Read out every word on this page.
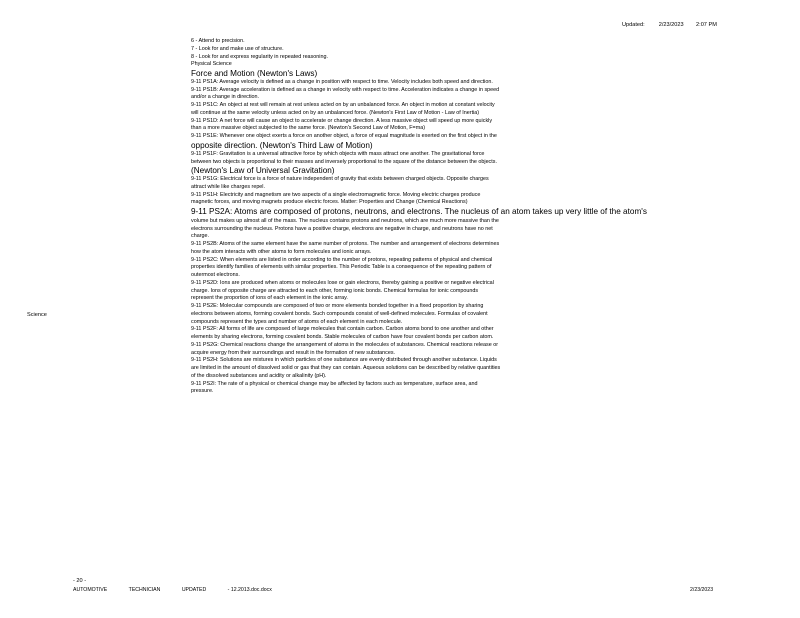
Updated:	2/23/2023 2:07 PM
Science
6 - Attend to precision.
7 - Look for and make use of structure.
8 - Look for and express regularity in repeated reasoning.
Physical Science
Force and Motion (Newton's Laws)
9-11 PS1A: Average velocity is defined as a change in position with respect to time. Velocity includes both speed and direction.
9-11 PS1B: Average acceleration is defined as a change in velocity with respect to time. Acceleration indicates a change in speed
and/or a change in direction.
9-11 PS1C: An object at rest will remain at rest unless acted on by an unbalanced force. An object in motion at constant velocity
will continue at the same velocity unless acted on by an unbalanced force. (Newton's First Law of Motion - Law of Inertia)
9-11 PS1D: A net force will cause an object to accelerate or change direction. A less massive object will speed up more quickly
than a more massive object subjected to the same force. (Newton's Second Law of Motion, F=ma)
9-11 PS1E: Whenever one object exerts a force on another object, a force of equal magnitude is exerted on the first object in the
opposite direction. (Newton's Third Law of Motion)
9-11 PS1F: Gravitation is a universal attractive force by which objects with mass attract one another. The gravitational force
between two objects is proportional to their masses and inversely proportional to the square of the distance between the objects.
(Newton's Law of Universal Gravitation)
9-11 PS1G: Electrical force is a force of nature independent of gravity that exists between charged objects. Opposite charges
attract while like charges repel.
9-11 PS1H: Electricity and magnetism are two aspects of a single electromagnetic force. Moving electric charges produce
magnetic forces, and moving magnets produce electric forces. Matter: Properties and Change (Chemical Reactions)
9-11 PS2A: Atoms are composed of protons, neutrons, and electrons. The nucleus of an atom takes up very little of the atom's
volume but makes up almost all of the mass. The nucleus contains protons and neutrons, which are much more massive than the
electrons surrounding the nucleus. Protons have a positive charge, electrons are negative in charge, and neutrons have no net
charge.
9-11 PS2B: Atoms of the same element have the same number of protons. The number and arrangement of electrons determines
how the atom interacts with other atoms to form molecules and ionic arrays.
9-11 PS2C: When elements are listed in order according to the number of protons, repeating patterns of physical and chemical
properties identify families of elements with similar properties. This Periodic Table is a consequence of the repeating pattern of
outermost electrons.
9-11 PS2D: Ions are produced when atoms or molecules lose or gain electrons, thereby gaining a positive or negative electrical
charge. Ions of opposite charge are attracted to each other, forming ionic bonds. Chemical formulas for ionic compounds
represent the proportion of ions of each element in the ionic array.
9-11 PS2E: Molecular compounds are composed of two or more elements bonded together in a fixed proportion by sharing
electrons between atoms, forming covalent bonds. Such compounds consist of well-defined molecules. Formulas of covalent
compounds represent the types and number of atoms of each element in each molecule.
9-11 PS2F: All forms of life are composed of large molecules that contain carbon. Carbon atoms bond to one another and other
elements by sharing electrons, forming covalent bonds. Stable molecules of carbon have four covalent bonds per carbon atom.
9-11 PS2G: Chemical reactions change the arrangement of atoms in the molecules of substances. Chemical reactions release or
acquire energy from their surroundings and result in the formation of new substances.
9-11 PS2H: Solutions are mixtures in which particles of one substance are evenly distributed through another substance. Liquids
are limited in the amount of dissolved solid or gas that they can contain. Aqueous solutions can be described by relative quantities
of the dissolved substances and acidity or alkalinity (pH).
9-11 PS2I: The rate of a physical or chemical change may be affected by factors such as temperature, surface area, and
pressure.
- 20 -
AUTOMOTIVE	TECHNICIAN	UPDATED	- 12.2013.doc.docx	2/23/2023
